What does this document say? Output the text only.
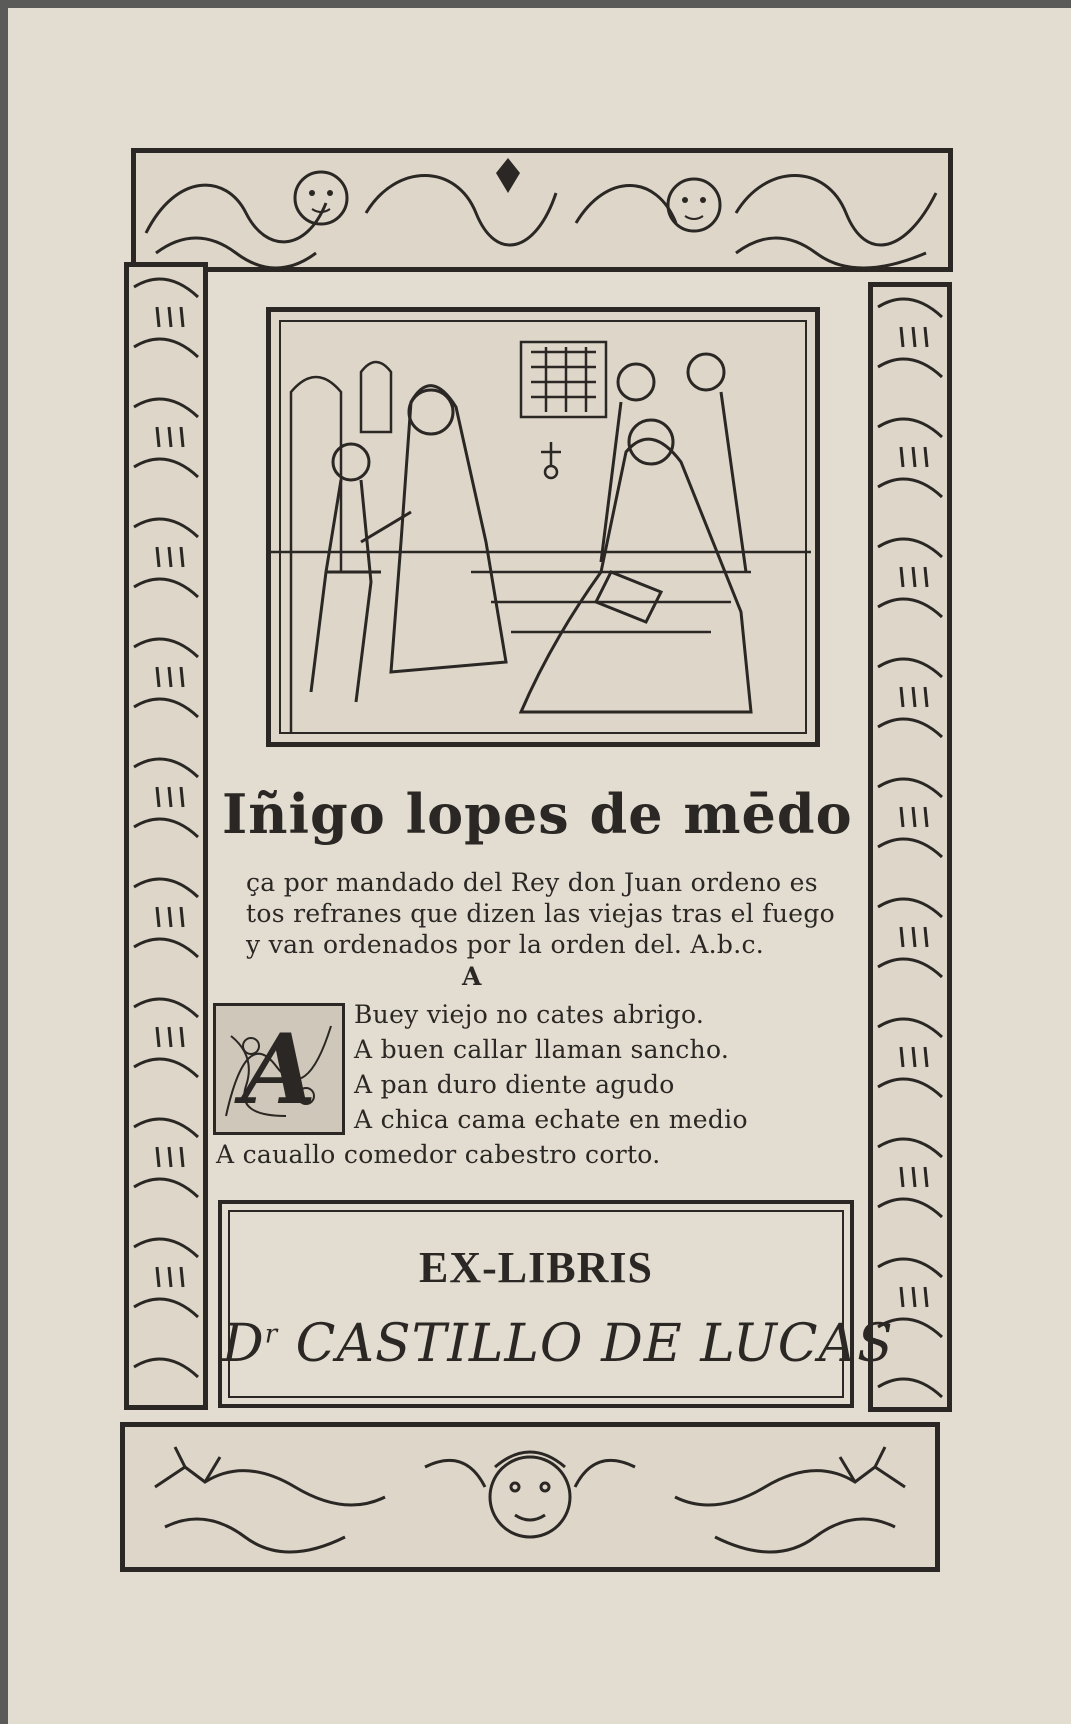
Iñigo lopes de mēdo
ça por mandado del Rey don Juan ordeno es
tos refranes que dizen las viejas tras el fuego
y van ordenados por la orden del. A.b.c.
A
A	Buey viejo no cates abrigo.
A buen callar llaman sancho.
A pan duro diente agudo
A chica cama echate en medio
A cauallo comedor cabestro corto.
EX-LIBRIS
$D^r$ CASTILLO DE LUCAS
